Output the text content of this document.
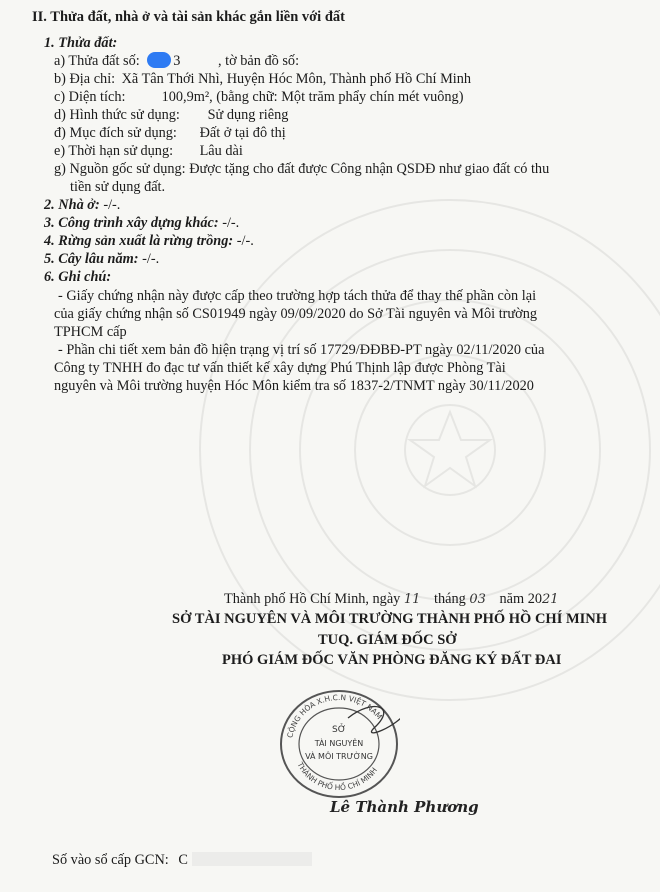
II. Thửa đất, nhà ở và tài sản khác gắn liền với đất
1. Thửa đất:
a) Thửa đất số: 3	, tờ bản đồ số:
b) Địa chỉ: Xã Tân Thới Nhì, Huyện Hóc Môn, Thành phố Hồ Chí Minh
c) Diện tích:	100,9m², (bằng chữ: Một trăm phẩy chín mét vuông)
d) Hình thức sử dụng: Sử dụng riêng
đ) Mục đích sử dụng: Đất ở tại đô thị
e) Thời hạn sử dụng: Lâu dài
g) Nguồn gốc sử dụng: Được tặng cho đất được Công nhận QSDĐ như giao đất có thu
tiền sử dụng đất.
2. Nhà ở: -/-.
3. Công trình xây dựng khác: -/-.
4. Rừng sản xuất là rừng trồng: -/-.
5. Cây lâu năm: -/-.
6. Ghi chú:
- Giấy chứng nhận này được cấp theo trường hợp tách thửa để thay thế phần còn lại
của giấy chứng nhận số CS01949 ngày 09/09/2020 do Sở Tài nguyên và Môi trường
TPHCM cấp
- Phần chi tiết xem bản đồ hiện trạng vị trí số 17729/ĐĐBĐ-PT ngày 02/11/2020 của
Công ty TNHH đo đạc tư vấn thiết kế xây dựng Phú Thịnh lập được Phòng Tài
nguyên và Môi trường huyện Hóc Môn kiểm tra số 1837-2/TNMT ngày 30/11/2020
Thành phố Hồ Chí Minh, ngày 11 tháng 03 năm 2021
SỞ TÀI NGUYÊN VÀ MÔI TRƯỜNG THÀNH PHỐ HỒ CHÍ MINH
TUQ. GIÁM ĐỐC SỞ
PHÓ GIÁM ĐỐC VĂN PHÒNG ĐĂNG KÝ ĐẤT ĐAI
CỘNG HÒA X.H.C.N VIỆT NAM
THÀNH PHỐ HỒ CHÍ MINH
SỞ
TÀI NGUYÊN
VÀ MÔI TRƯỜNG
Lê Thành Phương
Số vào sổ cấp GCN: C
